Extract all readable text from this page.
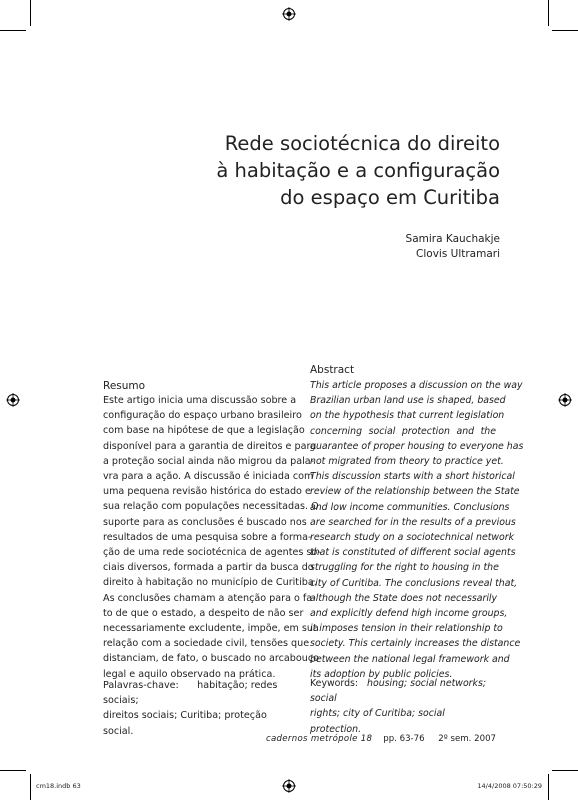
Rede sociotécnica do direito
à habitação e a configuração
do espaço em Curitiba
Samira Kauchakje
Clovis Ultramari
Resumo
Este artigo inicia uma discussão sobre a
configuração do espaço urbano brasileiro
com base na hipótese de que a legislação
disponível para a garantia de direitos e para
a proteção social ainda não migrou da pala-
vra para a ação. A discussão é iniciada com
uma pequena revisão histórica do estado e
sua relação com populações necessitadas. O
suporte para as conclusões é buscado nos
resultados de uma pesquisa sobre a forma-
ção de uma rede sociotécnica de agentes so-
ciais diversos, formada a partir da busca do
direito à habitação no município de Curitiba.
As conclusões chamam a atenção para o fa-
to de que o estado, a despeito de não ser
necessariamente excludente, impõe, em sua
relação com a sociedade civil, tensões que
distanciam, de fato, o buscado no arcabouço
legal e aquilo observado na prática.
Palavras-chave: habitação; redes sociais;
direitos sociais; Curitiba; proteção social.
Abstract
This article proposes a discussion on the way
Brazilian urban land use is shaped, based
on the hypothesis that current legislation
concerning social protection and the
guarantee of proper housing to everyone has
not migrated from theory to practice yet.
This discussion starts with a short historical
review of the relationship between the State
and low income communities. Conclusions
are searched for in the results of a previous
research study on a sociotechnical network
that is constituted of different social agents
struggling for the right to housing in the
city of Curitiba. The conclusions reveal that,
although the State does not necessarily
and explicitly defend high income groups,
it imposes tension in their relationship to
society. This certainly increases the distance
between the national legal framework and
its adoption by public policies.
Keywords: housing; social networks; social
rights; city of Curitiba; social protection.
cadernos metrópole 18 pp. 63-76 2º sem. 2007
cm18.indb 63	14/4/2008 07:50:29
